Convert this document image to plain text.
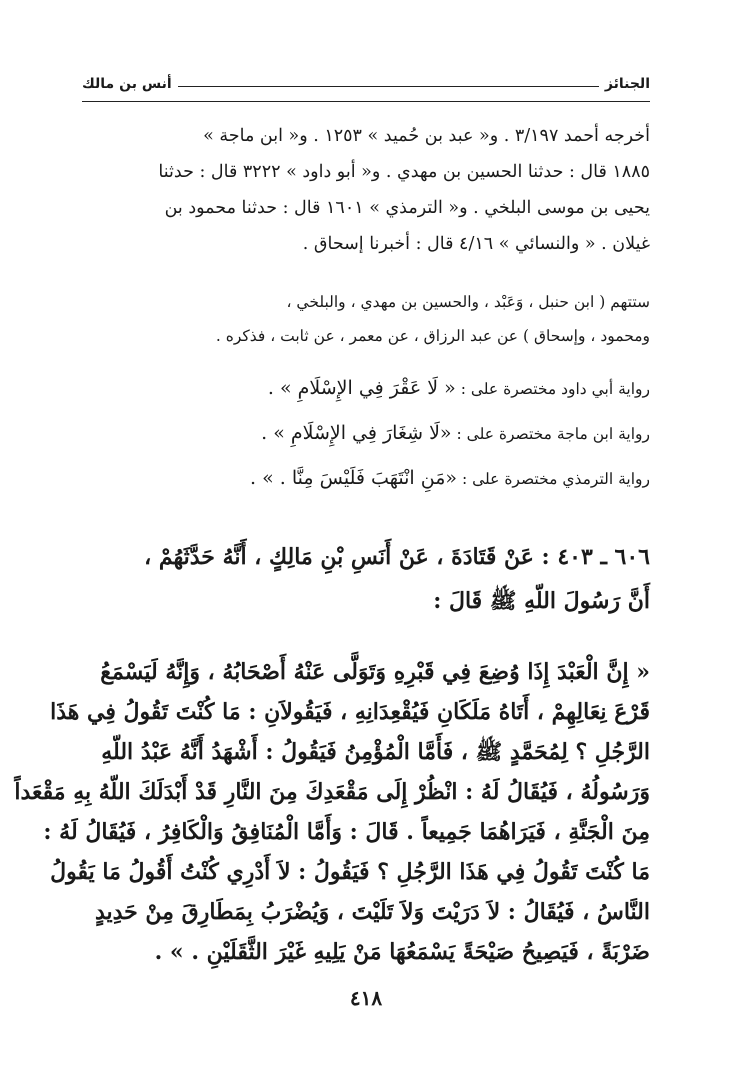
الجنائز
أنس بن مالك
أخرجه أحمد ٣/١٩٧ . و« عبد بن حُميد » ١٢٥٣ . و« ابن ماجة »
١٨٨٥ قال : حدثنا الحسين بن مهدي . و« أبو داود » ٣٢٢٢ قال : حدثنا
يحيى بن موسى البلخي . و« الترمذي » ١٦٠١ قال : حدثنا محمود بن
غيلان . « والنسائي » ٤/١٦ قال : أخبرنا إسحاق .
ستتهم ( ابن حنبل ، وَعَبْد ، والحسين بن مهدي ، والبلخي ،
ومحمود ، وإسحاق ) عن عبد الرزاق ، عن معمر ، عن ثابت ، فذكره .
رواية أبي داود مختصرة على : « لَا عَقْرَ فِي الإِسْلَامِ » .
رواية ابن ماجة مختصرة على : «لَا شِغَارَ فِي الإِسْلَامِ » .
رواية الترمذي مختصرة على : «مَنِ انْتَهَبَ فَلَيْسَ مِنَّا . » .
٦٠٦ ـ ٤٠٣ : عَنْ قَتَادَةَ ، عَنْ أَنَسِ بْنِ مَالِكٍ ، أَنَّهُ حَدَّثَهُمْ ،
أَنَّ رَسُولَ اللّهِ ﷺ قَالَ :
« إِنَّ الْعَبْدَ إِذَا وُضِعَ فِي قَبْرِهِ وَتَوَلَّى عَنْهُ أَصْحَابُهُ ، وَإِنَّهُ لَيَسْمَعُ
قَرْعَ نِعَالِهِمْ ، أَتَاهُ مَلَكَانِ فَيُقْعِدَانِهِ ، فَيَقُولاَنِ : مَا كُنْتَ تَقُولُ فِي هَذَا
الرَّجُلِ ؟ لِمُحَمَّدٍ ﷺ ، فَأَمَّا الْمُؤْمِنُ فَيَقُولُ : أَشْهَدُ أَنَّهُ عَبْدُ اللّهِ
وَرَسُولُهُ ، فَيُقَالُ لَهُ : انْظُرْ إِلَى مَقْعَدِكَ مِنَ النَّارِ قَدْ أَبْدَلَكَ اللّهُ بِهِ مَقْعَداً
مِنَ الْجَنَّةِ ، فَيَرَاهُمَا جَمِيعاً . قَالَ : وَأَمَّا الْمُنَافِقُ وَالْكَافِرُ ، فَيُقَالُ لَهُ :
مَا كُنْتَ تَقُولُ فِي هَذَا الرَّجُلِ ؟ فَيَقُولُ : لاَ أَدْرِي كُنْتُ أَقُولُ مَا يَقُولُ
النَّاسُ ، فَيُقَالُ : لاَ دَرَيْتَ وَلاَ تَلَيْتَ ، وَيُضْرَبُ بِمَطَارِقَ مِنْ حَدِيدٍ
ضَرْبَةً ، فَيَصِيحُ صَيْحَةً يَسْمَعُهَا مَنْ يَلِيهِ غَيْرَ الثَّقَلَيْنِ . » .
٤١٨
